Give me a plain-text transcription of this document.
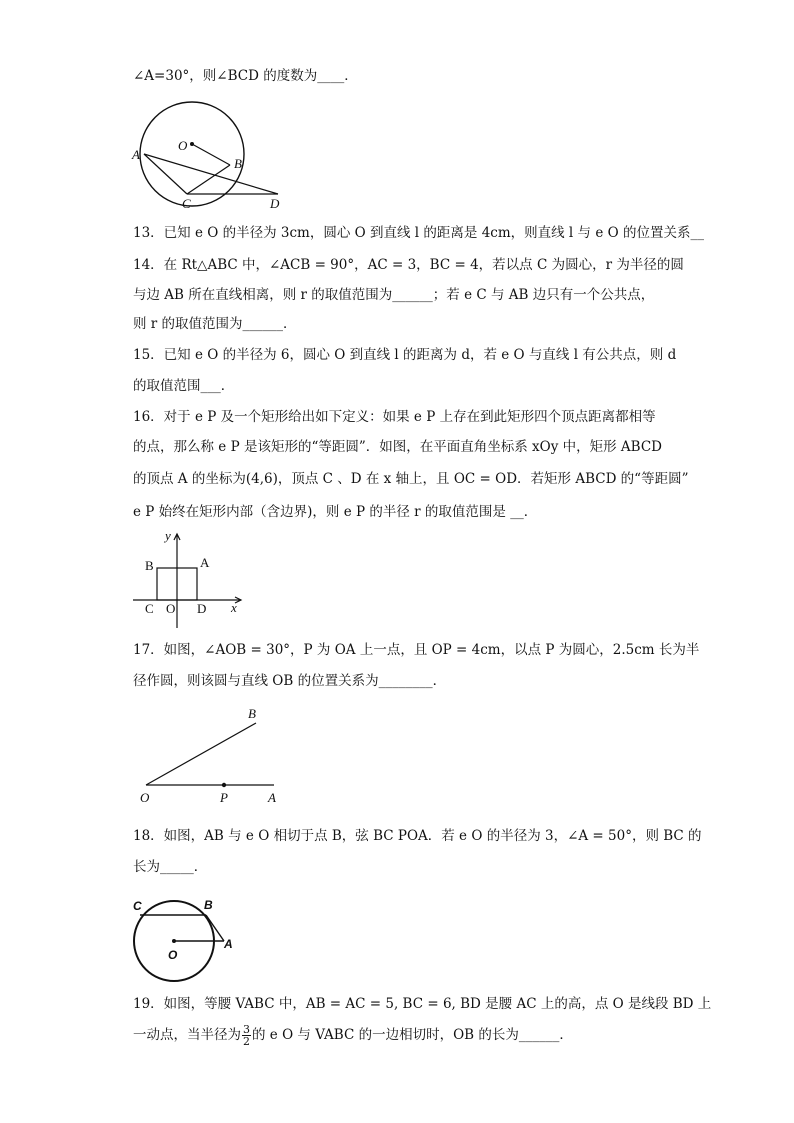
∠A=30°，则∠BCD 的度数为____．
O
A
B
C	D
13．已知 e O 的半径为 3cm，圆心 O 到直线 l 的距离是 4cm，则直线 l 与 e O 的位置关系__
14．在 Rt△ABC 中，∠ACB = 90°，AC = 3，BC = 4，若以点 C 为圆心，r 为半径的圆
与边 AB 所在直线相离，则 r 的取值范围为______；若 e C 与 AB 边只有一个公共点，
则 r 的取值范围为______．
15．已知 e O 的半径为 6，圆心 O 到直线 l 的距离为 d，若 e O 与直线 l 有公共点，则 d
的取值范围___．
16．对于 e P 及一个矩形给出如下定义：如果 e P 上存在到此矩形四个顶点距离都相等
的点，那么称 e P 是该矩形的“等距圆”．如图，在平面直角坐标系 xOy 中，矩形 ABCD
的顶点 A 的坐标为(4,6)，顶点 C 、D 在 x 轴上，且 OC = OD．若矩形 ABCD 的“等距圆”
e P 始终在矩形内部（含边界)，则 e P 的半径 r 的取值范围是 __．
y
B	A
C O D x
17．如图，∠AOB = 30°，P 为 OA 上一点，且 OP = 4cm，以点 P 为圆心，2.5cm 长为半
径作圆，则该圆与直线 OB 的位置关系为________．
B
O	P	A
18．如图，AB 与 e O 相切于点 B，弦 BC POA．若 e O 的半径为 3，∠A = 50°，则 BC 的
长为_____．
C	B
O
A
19．如图，等腰 VABC 中，AB = AC = 5, BC = 6, BD 是腰 AC 上的高，点 O 是线段 BD 上
一动点，当半径为 $\frac{3}{2}$ 的 e O 与 VABC 的一边相切时，OB 的长为______．
